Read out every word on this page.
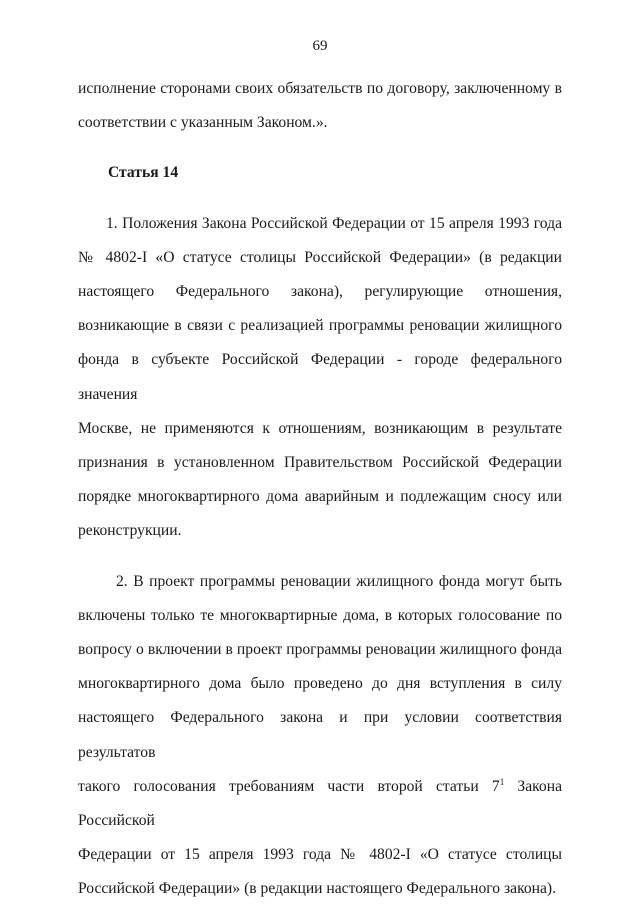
69

исполнение сторонами своих обязательств по договору, заключенному в

соответствии с указанным Законом.».

Статья 14

1. Положения Закона Российской Федерации от 15 апреля 1993 года

№ 4802-I «О статусе столицы Российской Федерации» (в редакции

настоящего Федерального закона), регулирующие отношения,

возникающие в связи с реализацией программы реновации жилищного

фонда в субъекте Российской Федерации - городе федерального значения

Москве, не применяются к отношениям, возникающим в результате

признания в установленном Правительством Российской Федерации

порядке многоквартирного дома аварийным и подлежащим сносу или

реконструкции.

2. В проект программы реновации жилищного фонда могут быть

включены только те многоквартирные дома, в которых голосование по

вопросу о включении в проект программы реновации жилищного фонда

многоквартирного дома было проведено до дня вступления в силу

настоящего Федерального закона и при условии соответствия результатов

такого голосования требованиям части второй статьи $7^1$ Закона Российской

Федерации от 15 апреля 1993 года № 4802-I «О статусе столицы

Российской Федерации» (в редакции настоящего Федерального закона).
